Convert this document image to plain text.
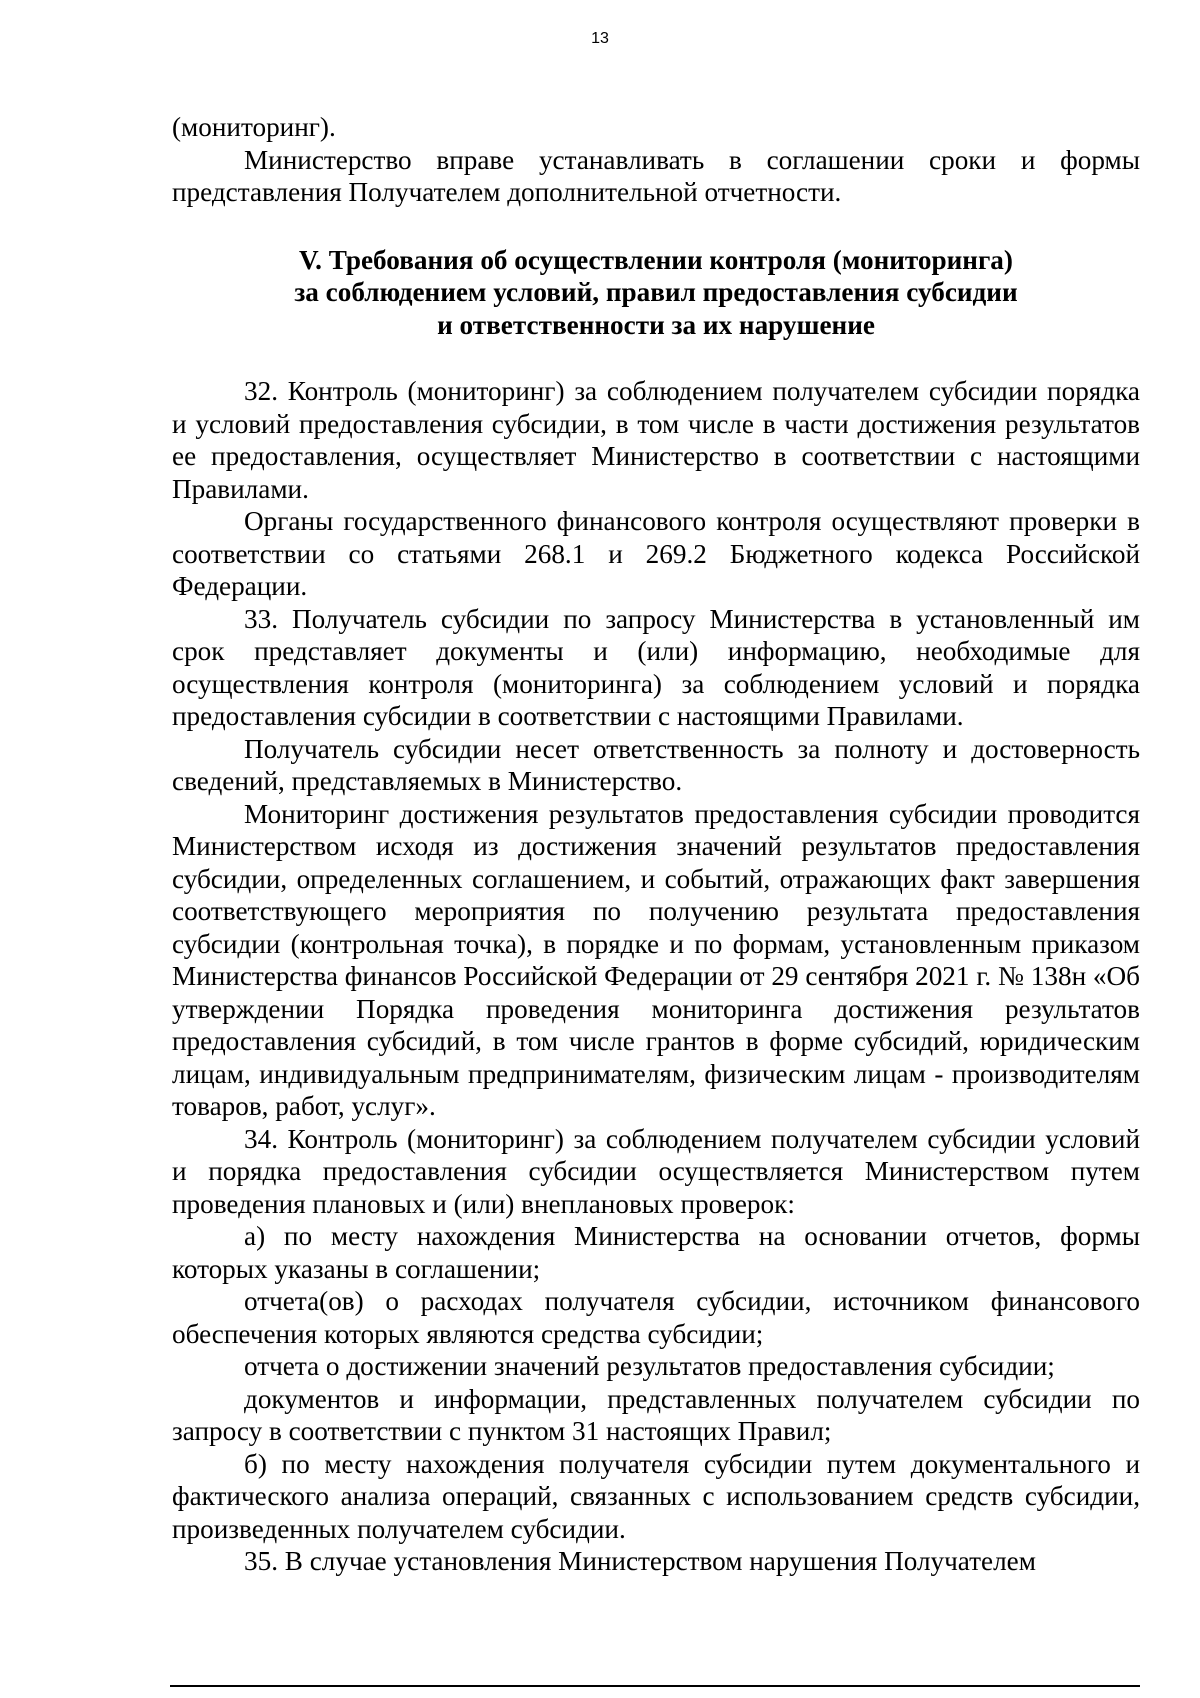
13

(мониторинг).

Министерство вправе устанавливать в соглашении сроки и формы представления Получателем дополнительной отчетности.

V. Требования об осуществлении контроля (мониторинга)
за соблюдением условий, правил предоставления субсидии
и ответственности за их нарушение

32. Контроль (мониторинг) за соблюдением получателем субсидии порядка и условий предоставления субсидии, в том числе в части достижения результатов ее предоставления, осуществляет Министерство в соответствии с настоящими Правилами.

Органы государственного финансового контроля осуществляют проверки в соответствии со статьями 268.1 и 269.2 Бюджетного кодекса Российской Федерации.

33. Получатель субсидии по запросу Министерства в установленный им срок представляет документы и (или) информацию, необходимые для осуществления контроля (мониторинга) за соблюдением условий и порядка предоставления субсидии в соответствии с настоящими Правилами.

Получатель субсидии несет ответственность за полноту и достоверность сведений, представляемых в Министерство.

Мониторинг достижения результатов предоставления субсидии проводится Министерством исходя из достижения значений результатов предоставления субсидии, определенных соглашением, и событий, отражающих факт завершения соответствующего мероприятия по получению результата предоставления субсидии (контрольная точка), в порядке и по формам, установленным приказом Министерства финансов Российской Федерации от 29 сентября 2021 г. № 138н «Об утверждении Порядка проведения мониторинга достижения результатов предоставления субсидий, в том числе грантов в форме субсидий, юридическим лицам, индивидуальным предпринимателям, физическим лицам - производителям товаров, работ, услуг».

34. Контроль (мониторинг) за соблюдением получателем субсидии условий и порядка предоставления субсидии осуществляется Министерством путем проведения плановых и (или) внеплановых проверок:

а) по месту нахождения Министерства на основании отчетов, формы которых указаны в соглашении;

отчета(ов) о расходах получателя субсидии, источником финансового обеспечения которых являются средства субсидии;

отчета о достижении значений результатов предоставления субсидии;

документов и информации, представленных получателем субсидии по запросу в соответствии с пунктом 31 настоящих Правил;

б) по месту нахождения получателя субсидии путем документального и фактического анализа операций, связанных с использованием средств субсидии, произведенных получателем субсидии.

35. В случае установления Министерством нарушения Получателем
